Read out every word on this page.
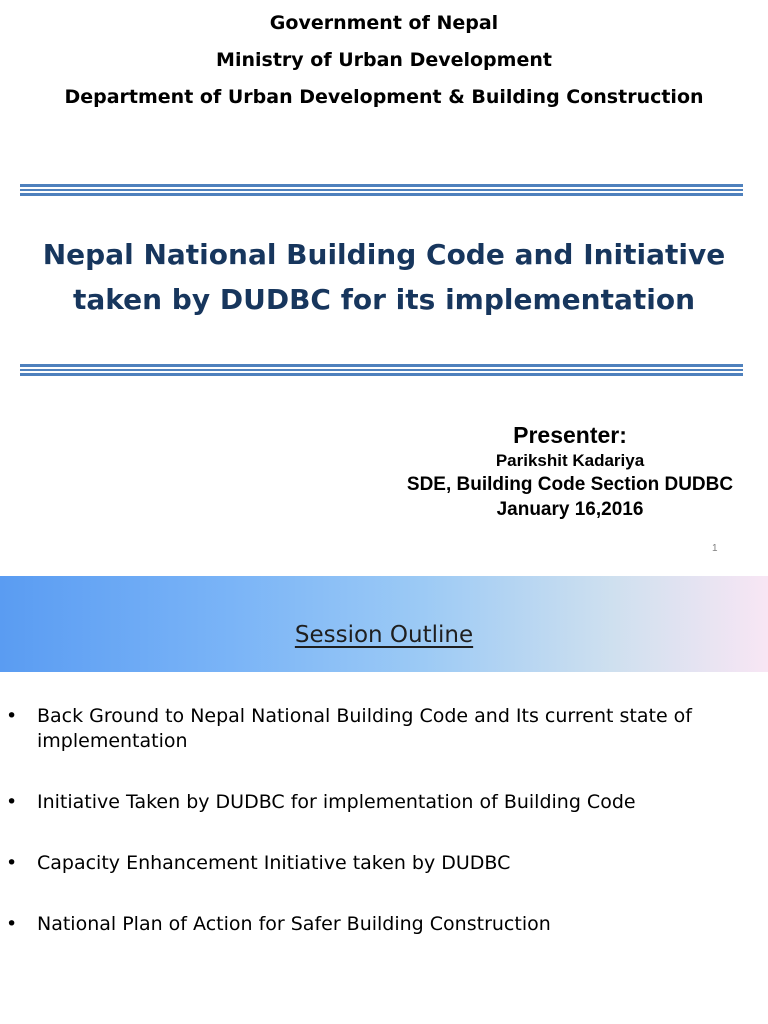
Government of Nepal
Ministry of Urban Development
Department of Urban Development & Building Construction
Nepal National Building Code and Initiative
taken by DUDBC for its implementation
Presenter:
Parikshit Kadariya
SDE, Building Code Section DUDBC
January 16,2016
1
Session Outline
• Back Ground to Nepal National Building Code and Its current state of implementation
• Initiative Taken by DUDBC for implementation of Building Code
• Capacity Enhancement Initiative taken by DUDBC
• National Plan of Action for Safer Building Construction
